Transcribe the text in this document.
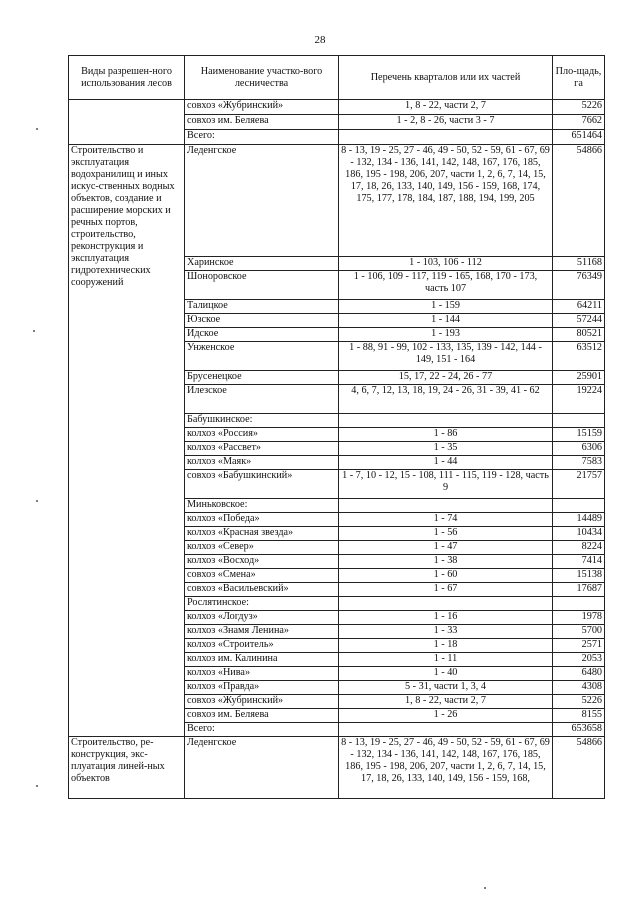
28
Виды разрешен-ного использования лесов	Наименование участко-вого лесничества	Перечень кварталов или их частей	Пло-щадь, га
	совхоз «Жубринский»	1, 8 - 22, части 2, 7	5226
	совхоз им. Беляева	1 - 2, 8 - 26, части 3 - 7	7662
	Всего:		651464
Строительство и эксплуатация водохранилищ и иных искус-ственных водных объектов, создание и расширение морских и речных портов, строительство, реконструкция и эксплуатация гидротехнических сооружений	Леденгское	8 - 13, 19 - 25, 27 - 46, 49 - 50, 52 - 59, 61 - 67, 69 - 132, 134 - 136, 141, 142, 148, 167, 176, 185, 186, 195 - 198, 206, 207, части 1, 2, 6, 7, 14, 15, 17, 18, 26, 133, 140, 149, 156 - 159, 168, 174, 175, 177, 178, 184, 187, 188, 194, 199, 205	54866
	Харинское	1 - 103, 106 - 112	51168
	Шоноровское	1 - 106, 109 - 117, 119 - 165, 168, 170 - 173, часть 107	76349
	Талицкое	1 - 159	64211
	Юзское	1 - 144	57244
	Идское	1 - 193	80521
	Унженское	1 - 88, 91 - 99, 102 - 133, 135, 139 - 142, 144 - 149, 151 - 164	63512
	Брусенецкое	15, 17, 22 - 24, 26 - 77	25901
	Илезское	4, 6, 7, 12, 13, 18, 19, 24 - 26, 31 - 39, 41 - 62	19224
	Бабушкинское:		
	колхоз «Россия»	1 - 86	15159
	колхоз «Рассвет»	1 - 35	6306
	колхоз «Маяк»	1 - 44	7583
	совхоз «Бабушкинский»	1 - 7, 10 - 12, 15 - 108, 111 - 115, 119 - 128, часть 9	21757
	Миньковское:		
	колхоз «Победа»	1 - 74	14489
	колхоз «Красная звезда»	1 - 56	10434
	колхоз «Север»	1 - 47	8224
	колхоз «Восход»	1 - 38	7414
	совхоз «Смена»	1 - 60	15138
	совхоз «Васильевский»	1 - 67	17687
	Рослятинское:		
	колхоз «Логдуз»	1 - 16	1978
	колхоз «Знамя Ленина»	1 - 33	5700
	колхоз «Строитель»	1 - 18	2571
	колхоз им. Калинина	1 - 11	2053
	колхоз «Нива»	1 - 40	6480
	колхоз «Правда»	5 - 31, части 1, 3, 4	4308
	совхоз «Жубринский»	1, 8 - 22, части 2, 7	5226
	совхоз им. Беляева	1 - 26	8155
	Всего:		653658
Строительство, ре-конструкция, экс-плуатация линей-ных объектов	Леденгское	8 - 13, 19 - 25, 27 - 46, 49 - 50, 52 - 59, 61 - 67, 69 - 132, 134 - 136, 141, 142, 148, 167, 176, 185, 186, 195 - 198, 206, 207, части 1, 2, 6, 7, 14, 15, 17, 18, 26, 133, 140, 149, 156 - 159, 168,	54866
